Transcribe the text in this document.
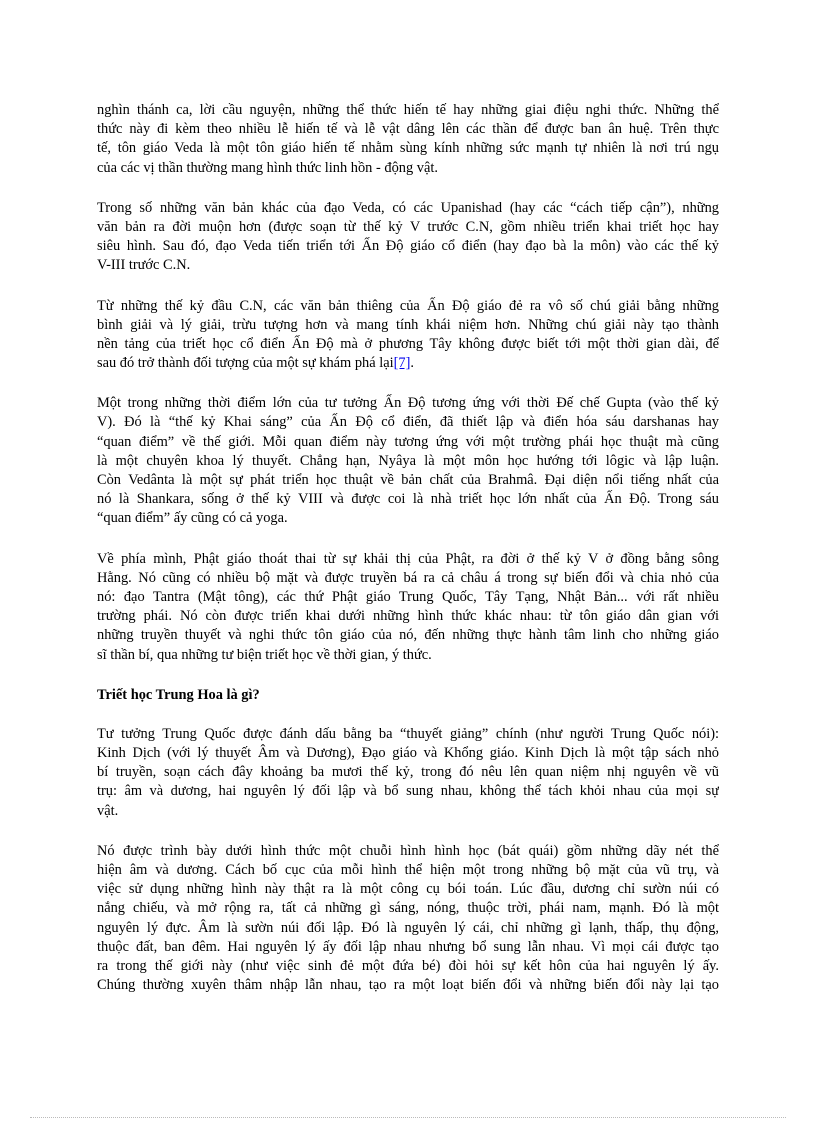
nghìn thánh ca, lời cầu nguyện, những thể thức hiến tế hay những giai điệu nghi thức. Những thể
thức này đi kèm theo nhiều lễ hiến tế và lễ vật dâng lên các thần để được ban ân huệ. Trên thực
tế, tôn giáo Veda là một tôn giáo hiến tế nhằm sùng kính những sức mạnh tự nhiên là nơi trú ngụ
của các vị thần thường mang hình thức linh hồn - động vật.
Trong số những văn bản khác của đạo Veda, có các Upanishad (hay các “cách tiếp cận”), những
văn bản ra đời muộn hơn (được soạn từ thế kỷ V trước C.N, gồm nhiều triển khai triết học hay
siêu hình. Sau đó, đạo Veda tiến triển tới Ấn Độ giáo cổ điển (hay đạo bà la môn) vào các thế kỷ
V-III trước C.N.
Từ những thế kỷ đầu C.N, các văn bản thiêng của Ấn Độ giáo đẻ ra vô số chú giải bằng những
bình giải và lý giải, trừu tượng hơn và mang tính khái niệm hơn. Những chú giải này tạo thành
nền tảng của triết học cổ điển Ấn Độ mà ở phương Tây không được biết tới một thời gian dài, để
sau đó trở thành đối tượng của một sự khám phá lại[7].
Một trong những thời điểm lớn của tư tưởng Ấn Độ tương ứng với thời Đế chế Gupta (vào thế kỷ
V). Đó là “thế kỷ Khai sáng” của Ấn Độ cổ điển, đã thiết lập và điển hóa sáu darshanas hay
“quan điểm” về thế giới. Mỗi quan điểm này tương ứng với một trường phái học thuật mà cũng
là một chuyên khoa lý thuyết. Chẳng hạn, Nyâya là một môn học hướng tới lôgic và lập luận.
Còn Vedânta là một sự phát triển học thuật về bản chất của Brahmâ. Đại diện nổi tiếng nhất của
nó là Shankara, sống ở thế kỷ VIII và được coi là nhà triết học lớn nhất của Ấn Độ. Trong sáu
“quan điểm” ấy cũng có cả yoga.
Về phía mình, Phật giáo thoát thai từ sự khải thị của Phật, ra đời ở thế kỷ V ở đồng bằng sông
Hằng. Nó cũng có nhiều bộ mặt và được truyền bá ra cả châu á trong sự biến đổi và chia nhỏ của
nó: đạo Tantra (Mật tông), các thứ Phật giáo Trung Quốc, Tây Tạng, Nhật Bản... với rất nhiều
trường phái. Nó còn được triển khai dưới những hình thức khác nhau: từ tôn giáo dân gian với
những truyền thuyết và nghi thức tôn giáo của nó, đến những thực hành tâm linh cho những giáo
sĩ thần bí, qua những tư biện triết học về thời gian, ý thức.
Triết học Trung Hoa là gì?
Tư tưởng Trung Quốc được đánh dấu bằng ba “thuyết giảng” chính (như người Trung Quốc nói):
Kinh Dịch (với lý thuyết Âm và Dương), Đạo giáo và Khổng giáo. Kinh Dịch là một tập sách nhỏ
bí truyền, soạn cách đây khoảng ba mươi thế kỷ, trong đó nêu lên quan niệm nhị nguyên về vũ
trụ: âm và dương, hai nguyên lý đối lập và bổ sung nhau, không thể tách khỏi nhau của mọi sự
vật.
Nó được trình bày dưới hình thức một chuỗi hình hình học (bát quái) gồm những dãy nét thể
hiện âm và dương. Cách bố cục của mỗi hình thể hiện một trong những bộ mặt của vũ trụ, và
việc sử dụng những hình này thật ra là một công cụ bói toán. Lúc đầu, dương chỉ sườn núi có
nắng chiếu, và mở rộng ra, tất cả những gì sáng, nóng, thuộc trời, phái nam, mạnh. Đó là một
nguyên lý đực. Âm là sườn núi đối lập. Đó là nguyên lý cái, chỉ những gì lạnh, thấp, thụ động,
thuộc đất, ban đêm. Hai nguyên lý ấy đối lập nhau nhưng bổ sung lẫn nhau. Vì mọi cái được tạo
ra trong thế giới này (như việc sinh đẻ một đứa bé) đòi hỏi sự kết hôn của hai nguyên lý ấy.
Chúng thường xuyên thâm nhập lẫn nhau, tạo ra một loạt biến đổi và những biến đổi này lại tạo
